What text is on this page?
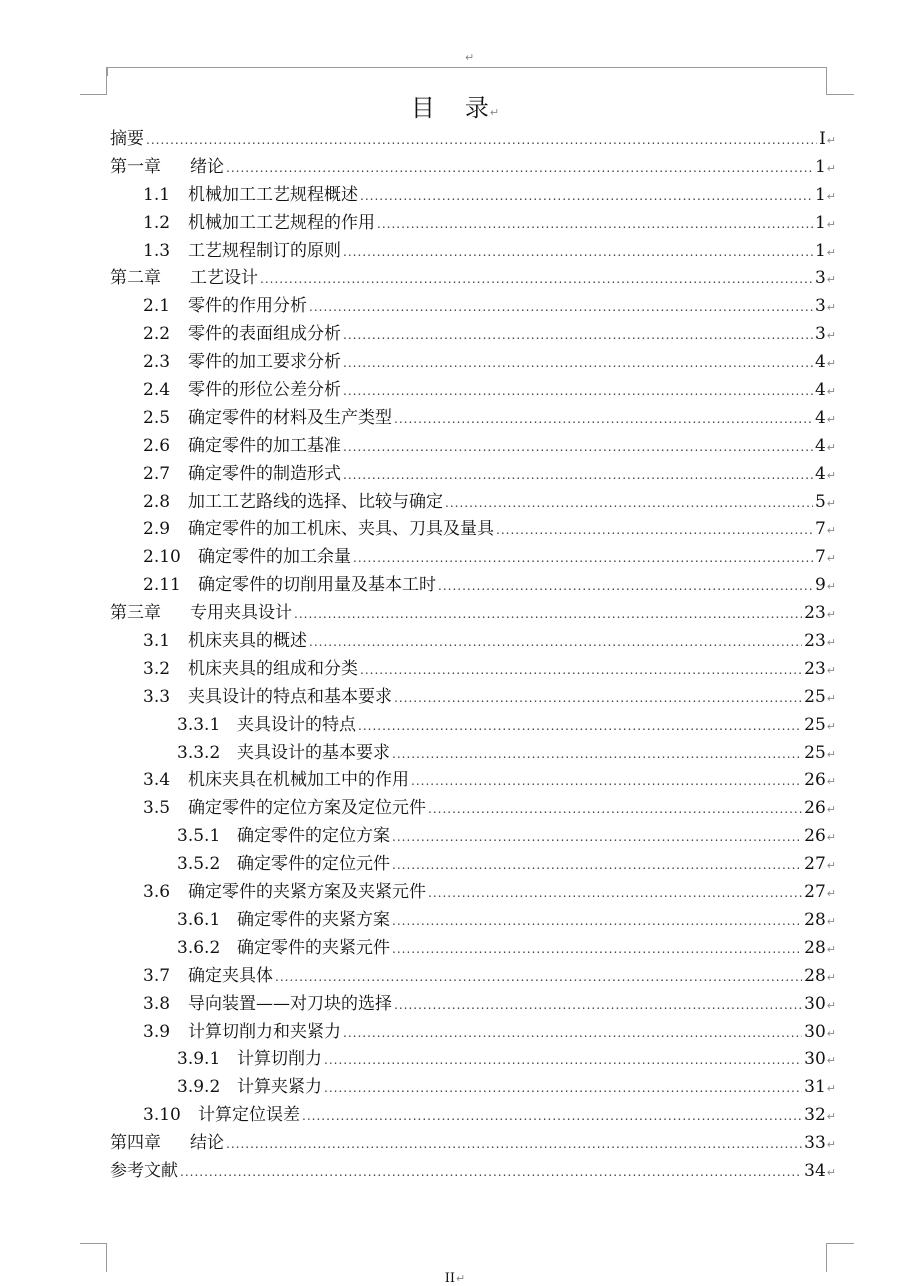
↵
目 录↵
摘要 .....	I ↵
第一章	绪论 .....	1 ↵
1.1	机械加工工艺规程概述 .....	1 ↵
1.2	机械加工工艺规程的作用 .....	1 ↵
1.3	工艺规程制订的原则 .....	1 ↵
第二章	工艺设计 .....	3 ↵
2.1	零件的作用分析 .....	3 ↵
2.2	零件的表面组成分析 .....	3 ↵
2.3	零件的加工要求分析 .....	4 ↵
2.4	零件的形位公差分析 .....	4 ↵
2.5	确定零件的材料及生产类型 .....	4 ↵
2.6	确定零件的加工基准 .....	4 ↵
2.7	确定零件的制造形式 .....	4 ↵
2.8	加工工艺路线的选择、比较与确定 .....	5 ↵
2.9	确定零件的加工机床、夹具、刀具及量具 .....	7 ↵
2.10	确定零件的加工余量 .....	7 ↵
2.11	确定零件的切削用量及基本工时 .....	9 ↵
第三章	专用夹具设计 .....	23 ↵
3.1	机床夹具的概述 .....	23 ↵
3.2	机床夹具的组成和分类 .....	23 ↵
3.3	夹具设计的特点和基本要求 .....	25 ↵
3.3.1 夹具设计的特点 .....	25 ↵
3.3.2 夹具设计的基本要求 .....	25 ↵
3.4	机床夹具在机械加工中的作用 .....	26 ↵
3.5	确定零件的定位方案及定位元件 .....	26 ↵
3.5.1 确定零件的定位方案 .....	26 ↵
3.5.2 确定零件的定位元件 .....	27 ↵
3.6	确定零件的夹紧方案及夹紧元件 .....	27 ↵
3.6.1 确定零件的夹紧方案 .....	28 ↵
3.6.2 确定零件的夹紧元件 .....	28 ↵
3.7	确定夹具体 .....	28 ↵
3.8	导向装置——对刀块的选择 .....	30 ↵
3.9	计算切削力和夹紧力 .....	30 ↵
3.9.1 计算切削力 .....	30 ↵
3.9.2 计算夹紧力 .....	31 ↵
3.10	计算定位误差 .....	32 ↵
第四章	结论 .....	33 ↵
参考文献 .....	34 ↵
II↵
